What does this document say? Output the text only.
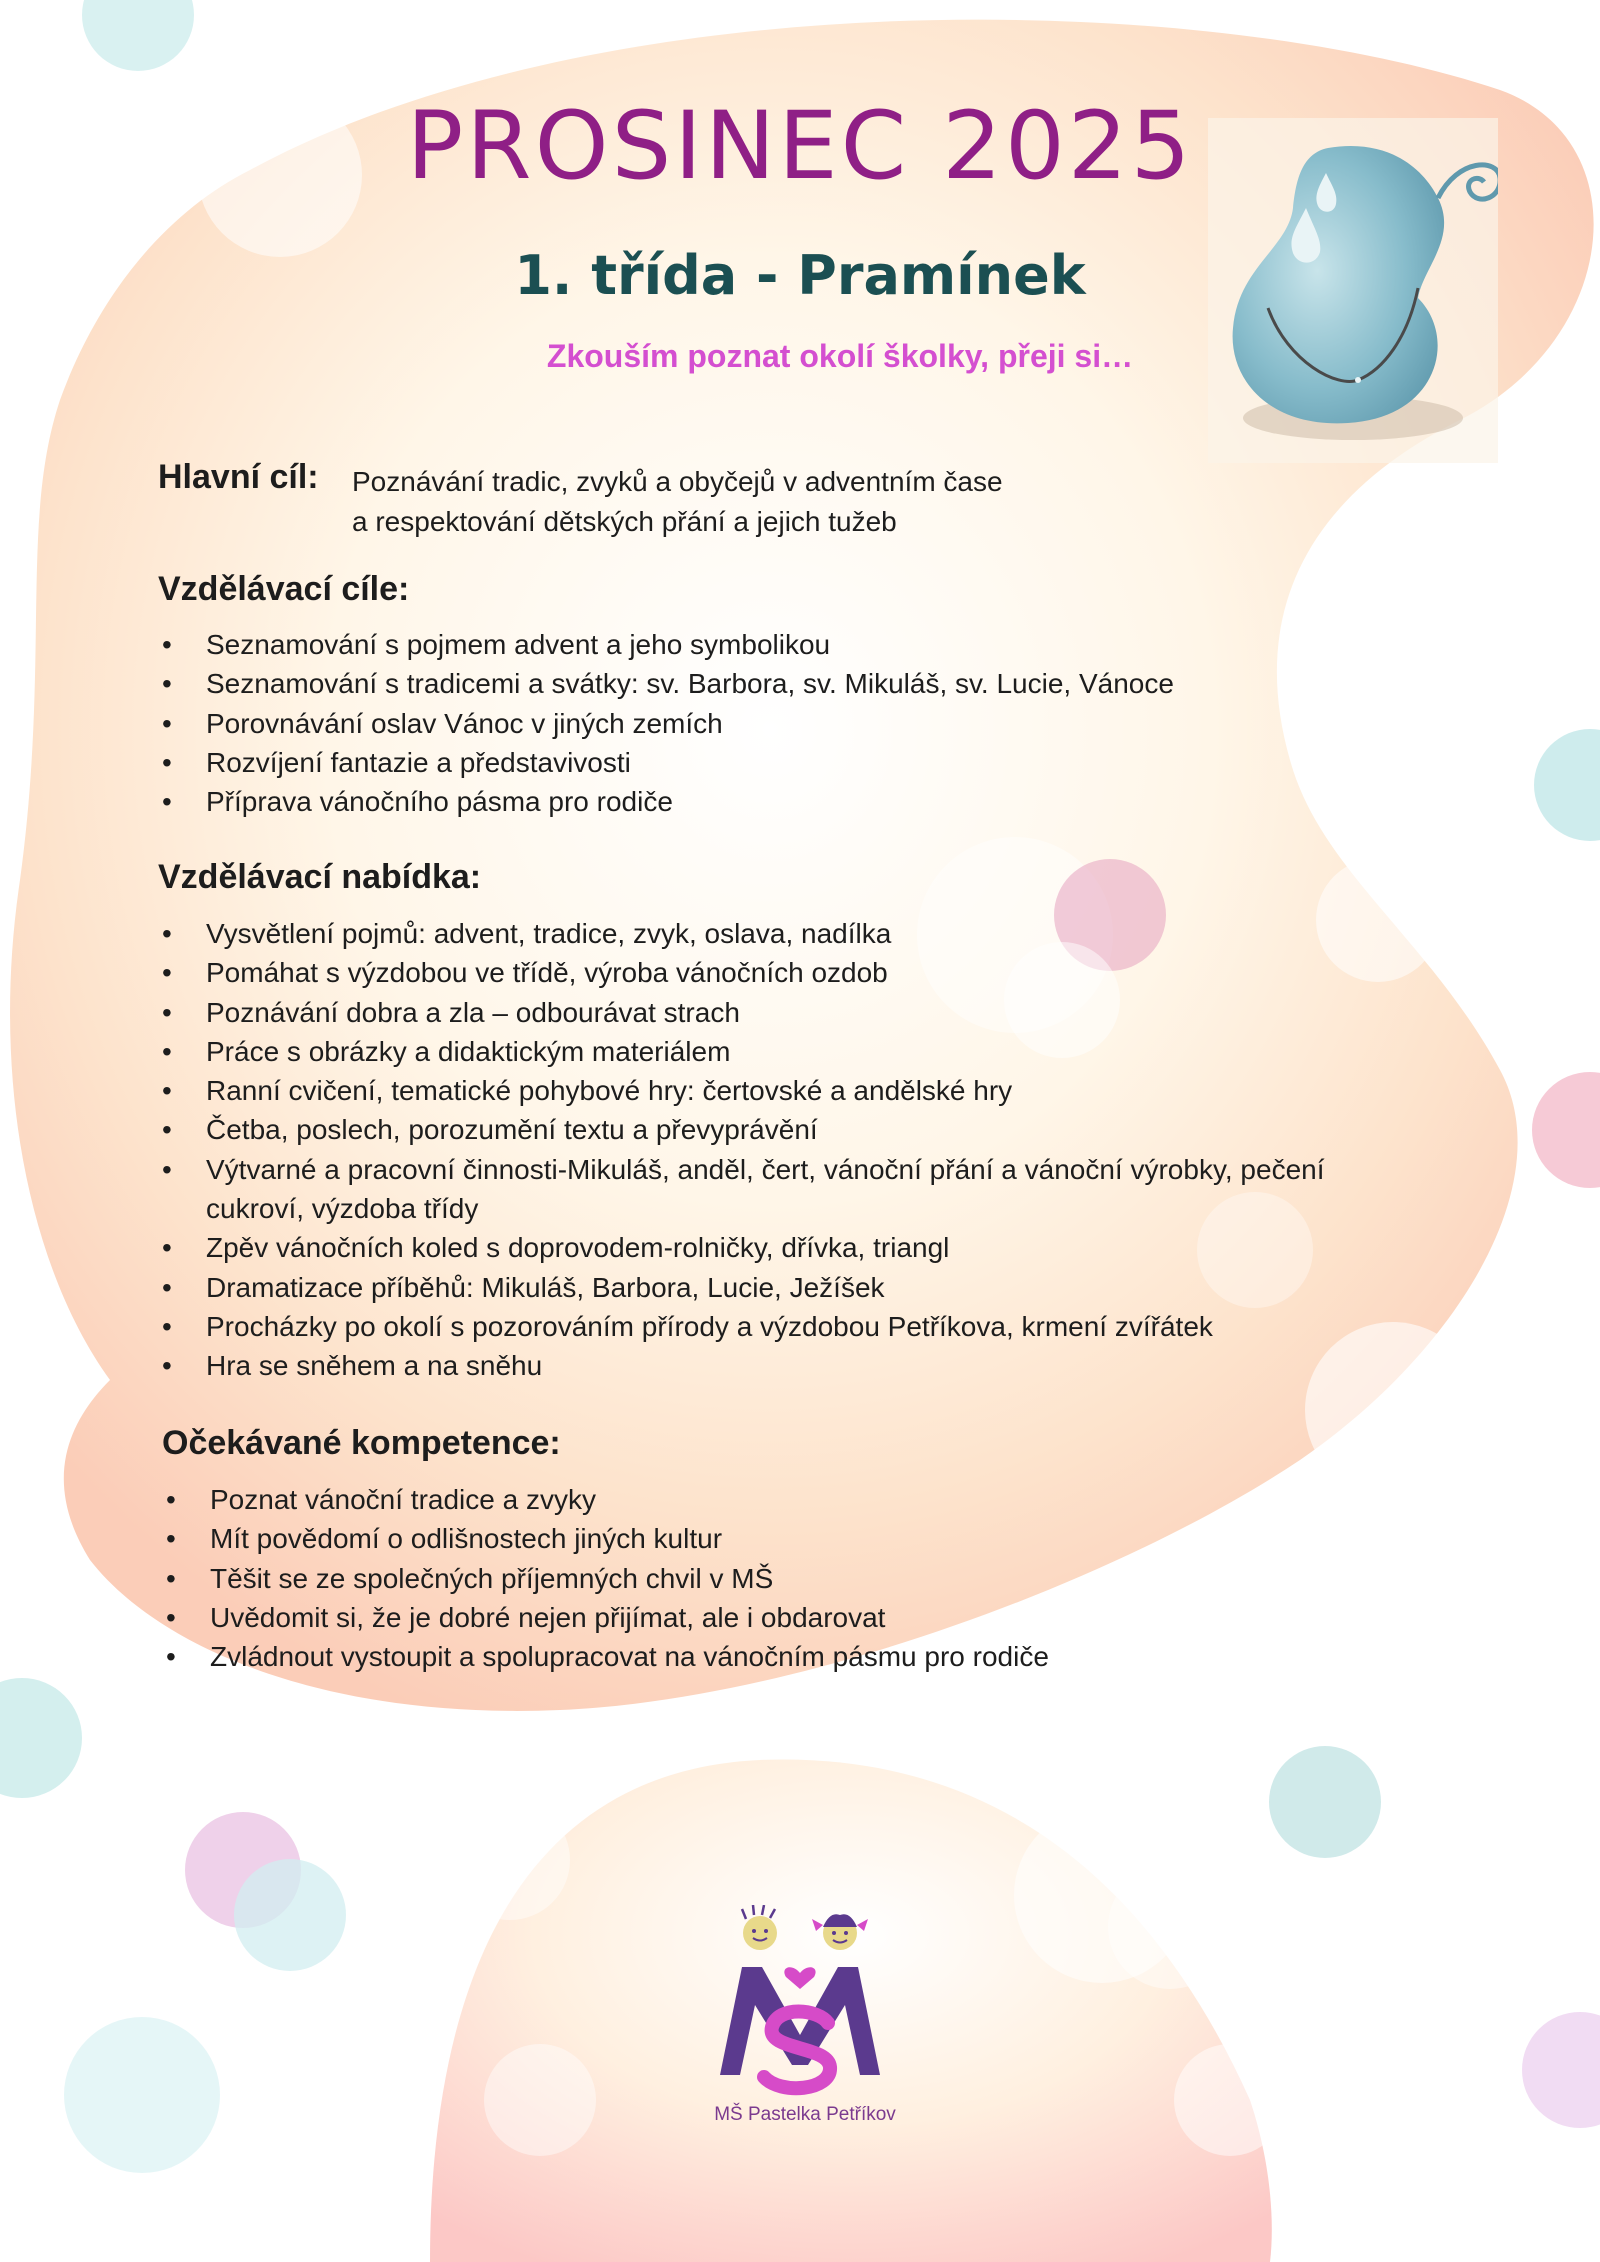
PROSINEC 2025
1. třída - Pramínek

Zkouším poznat okolí školky, přeji si…

Hlavní cíl: Poznávání tradic, zvyků a obyčejů v adventním čase
a respektování dětských přání a jejich tužeb

Vzdělávací cíle:
• Seznamování s pojmem advent a jeho symbolikou
• Seznamování s tradicemi a svátky: sv. Barbora, sv. Mikuláš, sv. Lucie, Vánoce
• Porovnávání oslav Vánoc v jiných zemích
• Rozvíjení fantazie a představivosti
• Příprava vánočního pásma pro rodiče
Vzdělávací nabídka:
• Vysvětlení pojmů: advent, tradice, zvyk, oslava, nadílka
• Pomáhat s výzdobou ve třídě, výroba vánočních ozdob
• Poznávání dobra a zla – odbourávat strach
• Práce s obrázky a didaktickým materiálem
• Ranní cvičení, tematické pohybové hry: čertovské a andělské hry
• Četba, poslech, porozumění textu a převyprávění
• Výtvarné a pracovní činnosti-Mikuláš, anděl, čert, vánoční přání a vánoční výrobky, pečení cukroví, výzdoba třídy
• Zpěv vánočních koled s doprovodem-rolničky, dřívka, triangl
• Dramatizace příběhů: Mikuláš, Barbora, Lucie, Ježíšek
• Procházky po okolí s pozorováním přírody a výzdobou Petříkova, krmení zvířátek
• Hra se sněhem a na sněhu
Očekávané kompetence:
• Poznat vánoční tradice a zvyky
• Mít povědomí o odlišnostech jiných kultur
• Těšit se ze společných příjemných chvil v MŠ
• Uvědomit si, že je dobré nejen přijímat, ale i obdarovat
• Zvládnout vystoupit a spolupracovat na vánočním pásmu pro rodiče

MŠ Pastelka Petříkov
